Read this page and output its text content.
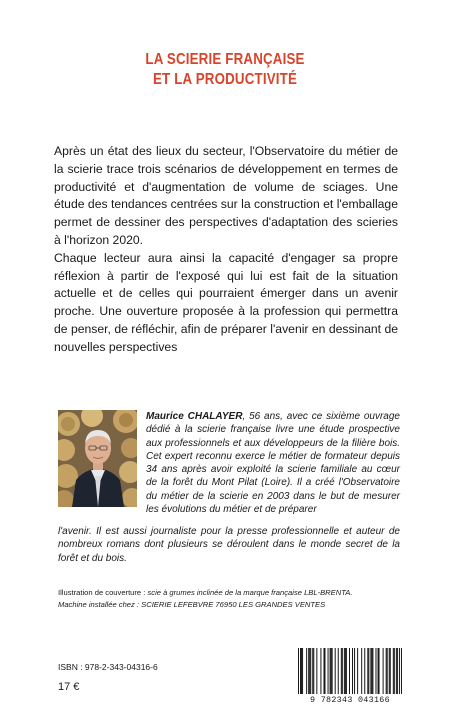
LA SCIERIE FRANÇAISE
ET LA PRODUCTIVITÉ

Après un état des lieux du secteur, l'Observatoire du métier de la scierie trace trois scénarios de développement en termes de productivité et d'augmentation de volume de sciages. Une étude des tendances centrées sur la construction et l'emballage permet de dessiner des perspectives d'adaptation des scieries à l'horizon 2020.

Chaque lecteur aura ainsi la capacité d'engager sa propre réflexion à partir de l'exposé qui lui est fait de la situation actuelle et de celles qui pourraient émerger dans un avenir proche. Une ouverture proposée à la profession qui permettra de penser, de réfléchir, afin de préparer l'avenir en dessinant de nouvelles perspectives

Maurice CHALAYER, 56 ans, avec ce sixième ouvrage dédié à la scierie française livre une étude prospective aux professionnels et aux développeurs de la filière bois. Cet expert reconnu exerce le métier de formateur depuis 34 ans après avoir exploité la scierie familiale au cœur de la forêt du Mont Pilat (Loire). Il a créé l'Observatoire du métier de la scierie en 2003 dans le but de mesurer les évolutions du métier et de préparer

l'avenir. Il est aussi journaliste pour la presse professionnelle et auteur de nombreux romans dont plusieurs se déroulent dans le monde secret de la forêt et du bois.

Illustration de couverture : scie à grumes inclinée de la marque française LBL-BRENTA.
Machine installée chez : SCIERIE LEFEBVRE 76950 LES GRANDES VENTES
ISBN : 978-2-343-04316-6
17 €
9 782343 043166
